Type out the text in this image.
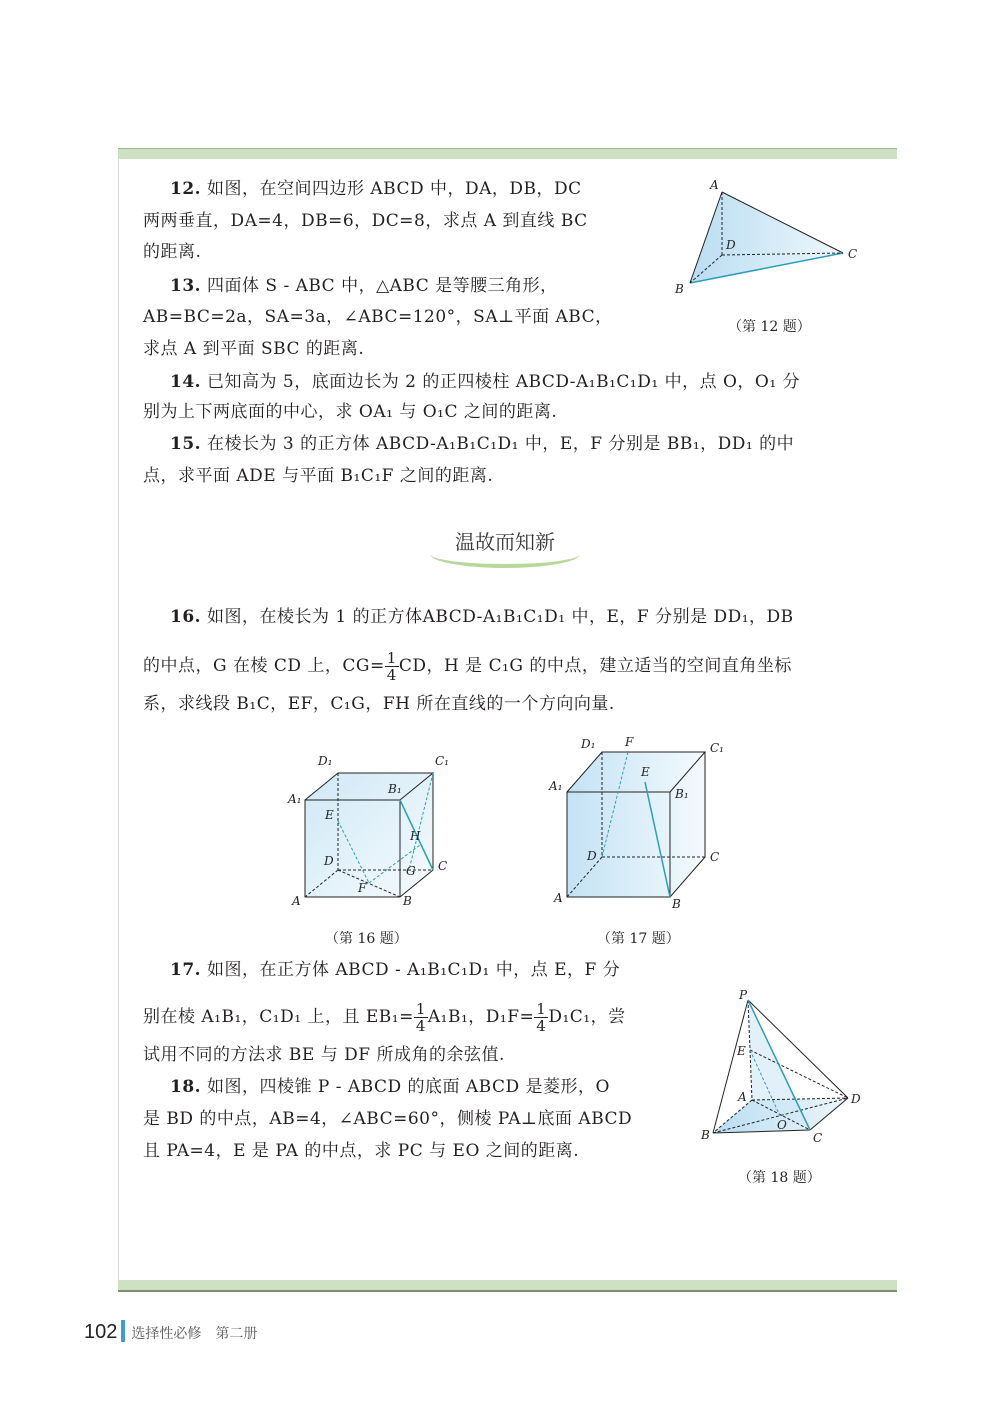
12. 如图，在空间四边形 ABCD 中，DA，DB，DC
两两垂直，DA=4，DB=6，DC=8，求点 A 到直线 BC
的距离.
13. 四面体 S - ABC 中，△ABC 是等腰三角形，
AB=BC=2a，SA=3a，∠ABC=120°，SA⊥平面 ABC，
求点 A 到平面 SBC 的距离.
14. 已知高为 5，底面边长为 2 的正四棱柱 ABCD-A₁B₁C₁D₁ 中，点 O，O₁ 分
别为上下两底面的中心，求 OA₁ 与 O₁C 之间的距离.
15. 在棱长为 3 的正方体 ABCD-A₁B₁C₁D₁ 中，E，F 分别是 BB₁，DD₁ 的中
点，求平面 ADE 与平面 B₁C₁F 之间的距离.
A
D
C
B
（第 12 题）
温故而知新
16. 如图，在棱长为 1 的正方体ABCD-A₁B₁C₁D₁ 中，E，F 分别是 DD₁，DB
的中点，G 在棱 CD 上，$CG= \frac{1}{4}$ CD，H 是 C₁G 的中点，建立适当的空间直角坐标
系，求线段 B₁C，EF，C₁G，FH 所在直线的一个方向向量.
D₁	C₁
A₁
B₁
E
H
D	C
G
F
A	B
（第 16 题）
D₁ F	C₁
E
A₁
B₁
D	C
A	B
（第 17 题）
17. 如图，在正方体 ABCD - A₁B₁C₁D₁ 中，点 E，F 分
别在棱 A₁B₁，C₁D₁ 上，且 $EB_1= \frac{1}{4} A_1B_1$，$D_1F= \frac{1}{4} D_1C_1$，尝
试用不同的方法求 BE 与 DF 所成角的余弦值.
18. 如图，四棱锥 P - ABCD 的底面 ABCD 是菱形，O
是 BD 的中点，AB=4，∠ABC=60°，侧棱 PA⊥底面 ABCD
且 PA=4，E 是 PA 的中点，求 PC 与 EO 之间的距离.
P
E
A	D
O
B	C
（第 18 题）
102 选择性必修　第二册
